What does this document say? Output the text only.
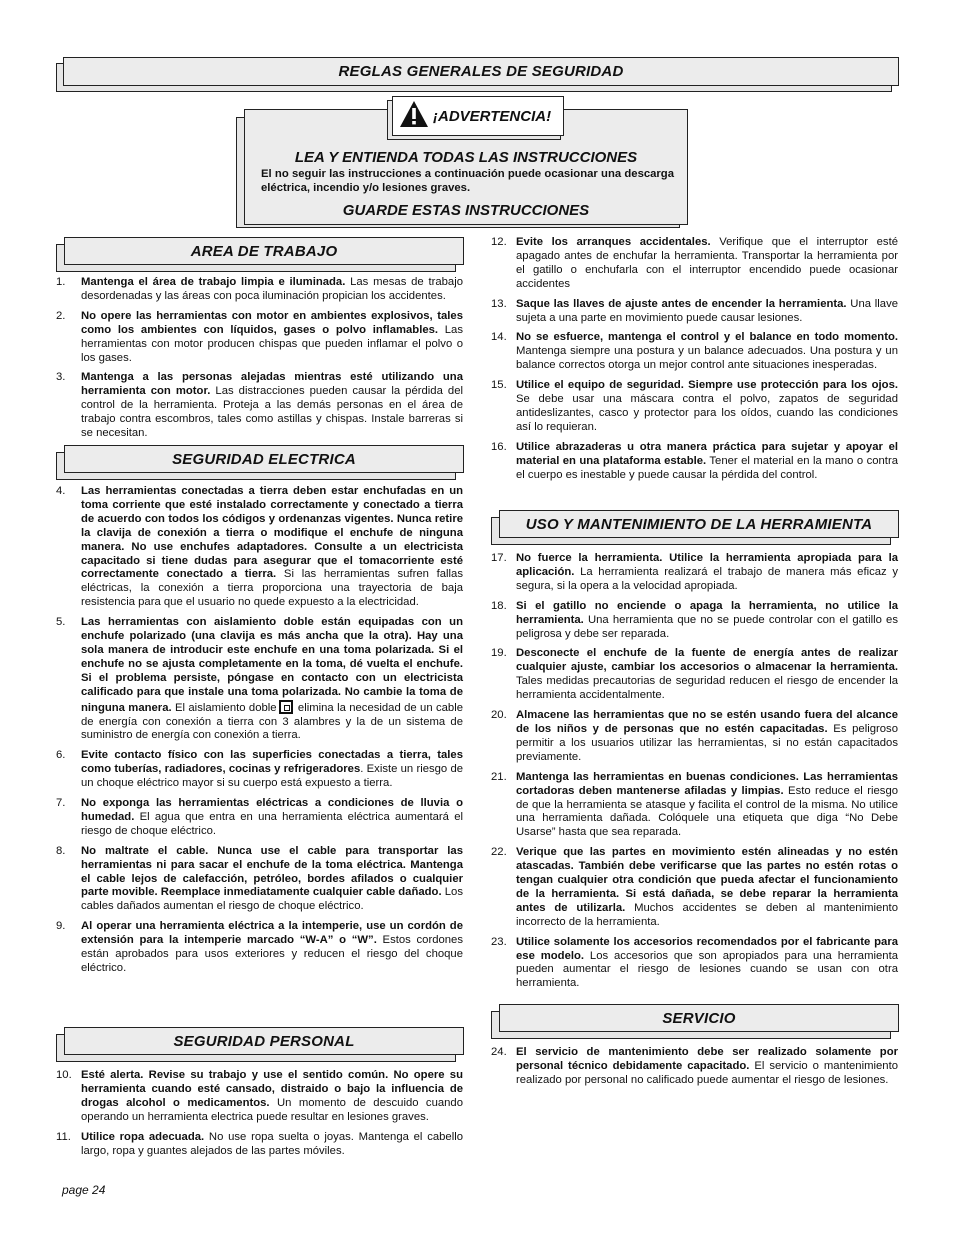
REGLAS GENERALES DE SEGURIDAD
LEA Y ENTIENDA TODAS LAS INSTRUCCIONES
El no seguir las instrucciones a continuación puede ocasionar una descarga eléctrica, incendio y/o lesiones graves.
GUARDE ESTAS INSTRUCCIONES
¡ADVERTENCIA!
AREA DE TRABAJO
SEGURIDAD ELECTRICA
SEGURIDAD PERSONAL
USO Y MANTENIMIENTO DE LA HERRAMIENTA
SERVICIO
1. Mantenga el área de trabajo limpia e iluminada. Las mesas de trabajo desordenadas y las áreas con poca iluminación propician los accidentes.
2. No opere las herramientas con motor en ambientes explosivos, tales como los ambientes con líquidos, gases o polvo inflamables. Las herramientas con motor producen chispas que pueden inflamar el polvo o los gases.
3. Mantenga a las personas alejadas mientras esté utilizando una herramienta con motor. Las distracciones pueden causar la pérdida del control de la herramienta. Proteja a las demás personas en el área de trabajo contra escombros, tales como astillas y chispas. Instale barreras si se necesitan.
4. Las herramientas conectadas a tierra deben estar enchufadas en un toma corriente que esté instalado correctamente y conectado a tierra de acuerdo con todos los códigos y ordenanzas vigentes. Nunca retire la clavija de conexión a tierra o modifique el enchufe de ninguna manera. No use enchufes adaptadores. Consulte a un electricista capacitado si tiene dudas para asegurar que el tomacorriente esté correctamente conectado a tierra. Si las herramientas sufren fallas eléctricas, la conexión a tierra proporciona una trayectoria de baja resistencia para que el usuario no quede expuesto a la electricidad.
5. Las herramientas con aislamiento doble están equipadas con un enchufe polarizado (una clavija es más ancha que la otra). Hay una sola manera de introducir este enchufe en una toma polarizada. Si el enchufe no se ajusta completamente en la toma, dé vuelta el enchufe. Si el problema persiste, póngase en contacto con un electricista calificado para que instale una toma polarizada. No cambie la toma de ninguna manera. El aislamiento doble elimina la necesidad de un cable de energía con conexión a tierra con 3 alambres y la de un sistema de suministro de energía con conexión a tierra.
6. Evite contacto físico con las superficies conectadas a tierra, tales como tuberías, radiadores, cocinas y refrigeradores. Existe un riesgo de un choque eléctrico mayor si su cuerpo está expuesto a tierra.
7. No exponga las herramientas eléctricas a condiciones de lluvia o humedad. El agua que entra en una herramienta eléctrica aumentará el riesgo de choque eléctrico.
8. No maltrate el cable. Nunca use el cable para transportar las herramientas ni para sacar el enchufe de la toma eléctrica. Mantenga el cable lejos de calefacción, petróleo, bordes afilados o cualquier parte movible. Reemplace inmediatamente cualquier cable dañado. Los cables dañados aumentan el riesgo de choque eléctrico.
9. Al operar una herramienta eléctrica a la intemperie, use un cordón de extensión para la intemperie marcado “W-A” o “W”. Estos cordones están aprobados para usos exteriores y reducen el riesgo del choque eléctrico.
10. Esté alerta. Revise su trabajo y use el sentido común. No opere su herramienta cuando esté cansado, distraido o bajo la influencia de drogas alcohol o medicamentos. Un momento de descuido cuando operando un herramienta electrica puede resultar en lesiones graves.
11. Utilice ropa adecuada. No use ropa suelta o joyas. Mantenga el cabello largo, ropa y guantes alejados de las partes móviles.
12. Evite los arranques accidentales. Verifique que el interruptor esté apagado antes de enchufar la herramienta. Transportar la herramienta por el gatillo o enchufarla con el interruptor encendido puede ocasionar accidentes
13. Saque las llaves de ajuste antes de encender la herramienta. Una llave sujeta a una parte en movimiento puede causar lesiones.
14. No se esfuerce, mantenga el control y el balance en todo momento. Mantenga siempre una postura y un balance adecuados. Una postura y un balance correctos otorga un mejor control ante situaciones inesperadas.
15. Utilice el equipo de seguridad. Siempre use protección para los ojos. Se debe usar una máscara contra el polvo, zapatos de seguridad antideslizantes, casco y protector para los oídos, cuando las condiciones así lo requieran.
16. Utilice abrazaderas u otra manera práctica para sujetar y apoyar el material en una plataforma estable. Tener el material en la mano o contra el cuerpo es inestable y puede causar la pérdida del control.
17. No fuerce la herramienta. Utilice la herramienta apropiada para la aplicación. La herramienta realizará el trabajo de manera más eficaz y segura, si la opera a la velocidad apropiada.
18. Si el gatillo no enciende o apaga la herramienta, no utilice la herramienta. Una herramienta que no se puede controlar con el gatillo es peligrosa y debe ser reparada.
19. Desconecte el enchufe de la fuente de energía antes de realizar cualquier ajuste, cambiar los accesorios o almacenar la herramienta. Tales medidas precautorias de seguridad reducen el riesgo de encender la herramienta accidentalmente.
20. Almacene las herramientas que no se estén usando fuera del alcance de los niños y de personas que no estén capacitadas. Es peligroso permitir a los usuarios utilizar las herramientas, si no están capacitados previamente.
21. Mantenga las herramientas en buenas condiciones. Las herramientas cortadoras deben mantenerse afiladas y limpias. Esto reduce el riesgo de que la herramienta se atasque y facilita el control de la misma. No utilice una herramienta dañada. Colóquele una etiqueta que diga “No Debe Usarse” hasta que sea reparada.
22. Verique que las partes en movimiento estén alineadas y no estén atascadas. También debe verificarse que las partes no estén rotas o tengan cualquier otra condición que pueda afectar el funcionamiento de la herramienta. Si está dañada, se debe reparar la herramienta antes de utilizarla. Muchos accidentes se deben al mantenimiento incorrecto de la herramienta.
23. Utilice solamente los accesorios recomendados por el fabricante para ese modelo. Los accesorios que son apropiados para una herramienta pueden aumentar el riesgo de lesiones cuando se usan con otra herramienta.
24. El servicio de mantenimiento debe ser realizado solamente por personal técnico debidamente capacitado. El servicio o mantenimiento realizado por personal no calificado puede aumentar el riesgo de lesiones.
page 24
